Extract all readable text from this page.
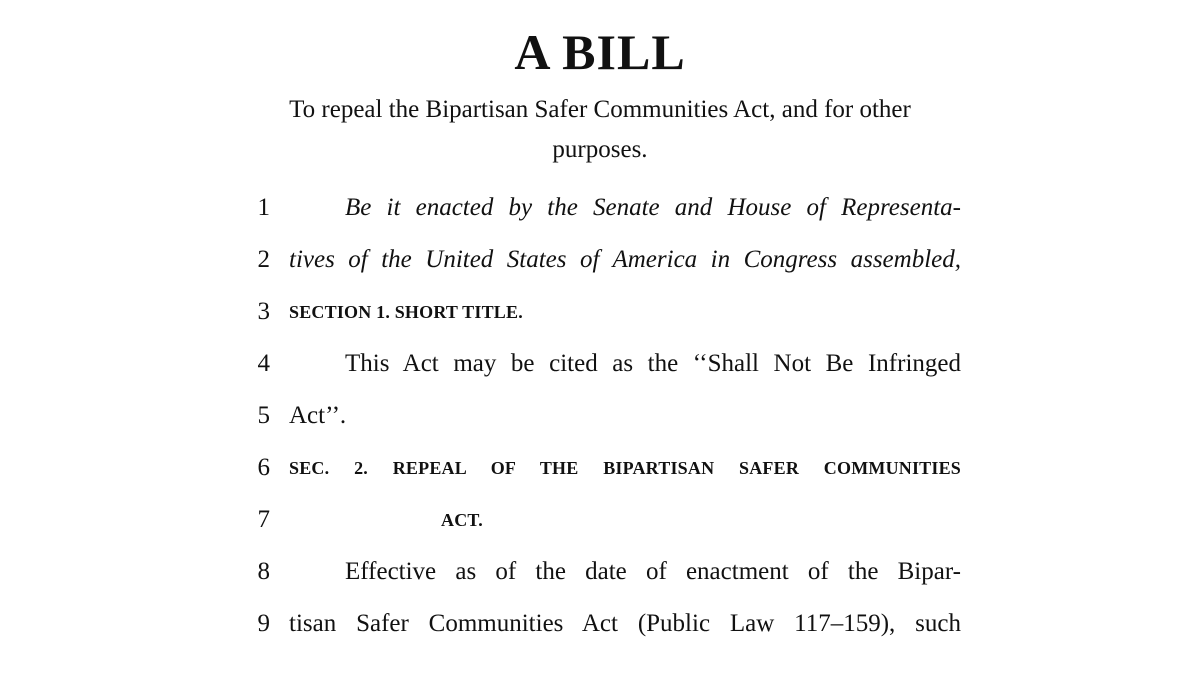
A BILL
To repeal the Bipartisan Safer Communities Act, and for other purposes.
1	Be it enacted by the Senate and House of Representa-
2 tives of the United States of America in Congress assembled,
3 SECTION 1. SHORT TITLE.
4	This Act may be cited as the ‘‘Shall Not Be Infringed
5 Act’’.
6 SEC. 2. REPEAL OF THE BIPARTISAN SAFER COMMUNITIES
7	ACT.
8	Effective as of the date of enactment of the Bipar-
9 tisan Safer Communities Act (Public Law 117–159), such
